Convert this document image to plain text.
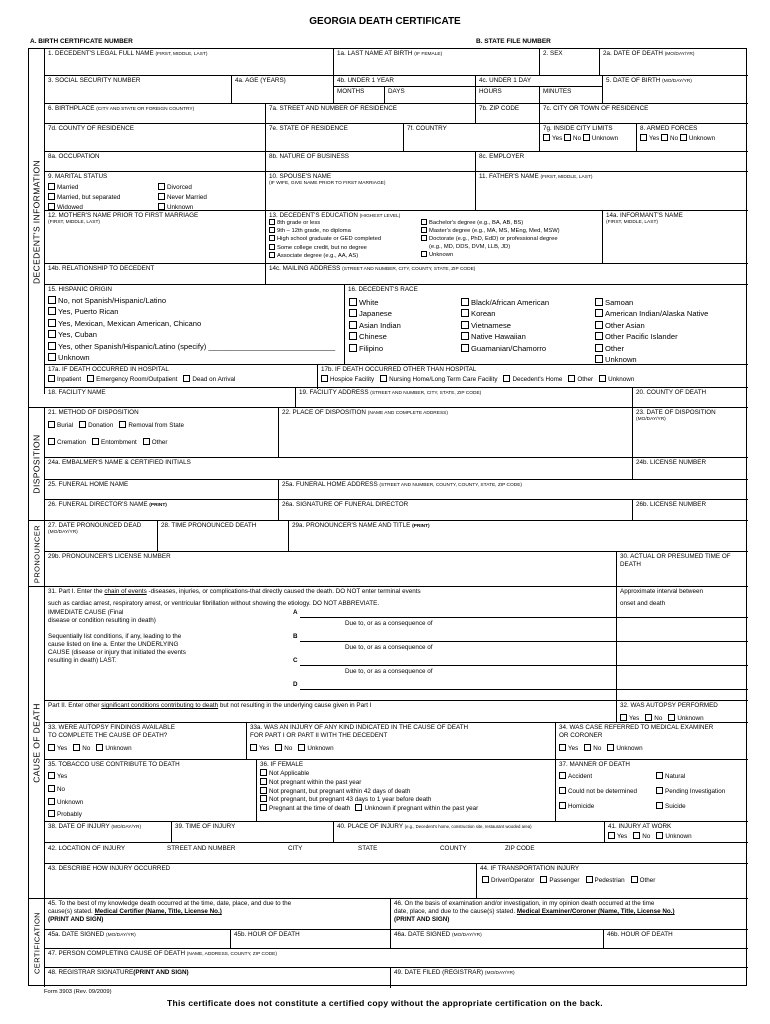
GEORGIA DEATH CERTIFICATE
A. BIRTH CERTIFICATE NUMBER	B. STATE FILE NUMBER
DECEDENT'S INFORMATION
1. DECEDENT'S LEGAL FULL NAME (FIRST, MIDDLE, LAST)	1a. LAST NAME AT BIRTH (IF FEMALE)	2. SEX	2a. DATE OF DEATH (MO/DAY/YR)
3. SOCIAL SECURITY NUMBER	4a. AGE (YEARS)	4b. UNDER 1 YEAR
MONTHS	DAYS
4c. UNDER 1 DAY
HOURS	MINUTES
5. DATE OF BIRTH (MO/DAY/YR)
6. BIRTHPLACE (CITY AND STATE OR FOREIGN COUNTRY)	7a. STREET AND NUMBER OF RESIDENCE	7b. ZIP CODE	7c. CITY OR TOWN OF RESIDENCE
7d. COUNTY OF RESIDENCE	7e. STATE OF RESIDENCE	7f. COUNTRY	7g. INSIDE CITY LIMITS
Yes No Unknown
8. ARMED FORCES
Yes No Unknown
8a. OCCUPATION	8b. NATURE OF BUSINESS	8c. EMPLOYER
9. MARITAL STATUS
Married
Married, but separated
Widowed
Divorced
Never Married
Unknown
10. SPOUSE'S NAME
(IF WIFE, GIVE NAME PRIOR TO FIRST MARRIAGE)
11. FATHER'S NAME (FIRST, MIDDLE, LAST)
12. MOTHER'S NAME PRIOR TO FIRST MARRIAGE
(FIRST, MIDDLE, LAST)
13. DECEDENT'S EDUCATION (HIGHEST LEVEL)
8th grade or less
9th – 12th grade, no diploma
High school graduate or GED completed
Some college credit, but no degree
Associate degree (e.g., AA, AS)
Bachelor's degree (e.g., BA, AB, BS)
Master's degree (e.g., MA, MS, MEng, Med, MSW)
Doctorate (e.g., PhD, EdD) or professional degree
(e.g., MD, DDS, DVM, LLB, JD)
Unknown
14a. INFORMANT'S NAME
(FIRST, MIDDLE, LAST)
14b. RELATIONSHIP TO DECEDENT	14c. MAILING ADDRESS (STREET AND NUMBER, CITY, COUNTY, STATE, ZIP CODE)
15. HISPANIC ORIGIN
No, not Spanish/Hispanic/Latino
Yes, Puerto Rican
Yes, Mexican, Mexican American, Chicano
Yes, Cuban
Yes, other Spanish/Hispanic/Latino (specify) ______________________________
Unknown
16. DECEDENT'S RACE
White
Japanese
Asian Indian
Chinese
Filipino
Black/African American
Korean
Vietnamese
Native Hawaiian
Guamanian/Chamorro
Samoan
American Indian/Alaska Native
Other Asian
Other Pacific Islander
Other
Unknown
17a. IF DEATH OCCURRED IN HOSPITAL
Inpatient Emergency Room/Outpatient Dead on Arrival
17b. IF DEATH OCCURRED OTHER THAN HOSPITAL
Hospice Facility Nursing Home/Long Term Care Facility Decedent's Home Other Unknown
18. FACILITY NAME	19. FACILITY ADDRESS (STREET AND NUMBER, CITY, STATE, ZIP CODE)	20. COUNTY OF DEATH
DISPOSITION
21. METHOD OF DISPOSITION
Burial Donation Removal from State
Cremation Entombment Other
22. PLACE OF DISPOSITION (NAME AND COMPLETE ADDRESS)	23. DATE OF DISPOSITION
(MO/DAY/YR)
24a. EMBALMER'S NAME & CERTIFIED INITIALS	24b. LICENSE NUMBER
25. FUNERAL HOME NAME	25a. FUNERAL HOME ADDRESS (STREET AND NUMBER, COUNTY, COUNTY, STATE, ZIP CODE)
26. FUNERAL DIRECTOR'S NAME (PRINT)	26a. SIGNATURE OF FUNERAL DIRECTOR	26b. LICENSE NUMBER
PRONOUNCER 27. DATE PRONOUNCED DEAD
(MO/DAY/YR)
28. TIME PRONOUNCED DEATH	29a. PRONOUNCER'S NAME AND TITLE (PRINT)
29b. PRONOUNCER'S LICENSE NUMBER	30. ACTUAL OR PRESUMED TIME OF DEATH
CAUSE OF DEATH
31. Part I. Enter the chain of events -diseases, injuries, or complications-that directly caused the death. DO NOT enter terminal events
such as cardiac arrest, respiratory arrest, or ventricular fibrillation without showing the etiology. DO NOT ABBREVIATE.
IMMEDIATE CAUSE (Final
disease or condition resulting in death)
Sequentially list conditions, if any, leading to the
cause listed on line a. Enter the UNDERLYING
CAUSE (disease or injury that initiated the events
resulting in death) LAST.
A
Due to, or as a consequence of
B
Due to, or as a consequence of
C
Due to, or as a consequence of
D
Approximate interval between
onset and death
Part II. Enter other significant conditions contributing to death but not resulting in the underlying cause given in Part I	32. WAS AUTOPSY PERFORMED
Yes No Unknown
33. WERE AUTOPSY FINDINGS AVAILABLE
TO COMPLETE THE CAUSE OF DEATH?
Yes No Unknown
33a. WAS AN INJURY OF ANY KIND INDICATED IN THE CAUSE OF DEATH
FOR PART I OR PART II WITH THE DECEDENT
Yes No Unknown
34. WAS CASE REFERRED TO MEDICAL EXAMINER
OR CORONER
Yes No Unknown
35. TOBACCO USE CONTRIBUTE TO DEATH
Yes
No
Unknown
Probably
36. IF FEMALE
Not Applicable
Not pregnant within the past year
Not pregnant, but pregnant within 42 days of death
Not pregnant, but pregnant 43 days to 1 year before death
Pregnant at the time of death Unknown if pregnant within the past year
37. MANNER OF DEATH
Accident	Natural
Could not be determined	Pending Investigation
Homicide	Suicide
38. DATE OF INJURY (MO/DAY/YR)	39. TIME OF INJURY	40. PLACE OF INJURY (e.g., Decedent's home, construction site, restaurant wooded area)	41. INJURY AT WORK
Yes No Unknown
42. LOCATION OF INJURY	STREET AND NUMBER	CITY	STATE	COUNTY	ZIP CODE
43. DESCRIBE HOW INJURY OCCURRED	44. IF TRANSPORTATION INJURY
Driver/Operator Passenger Pedestrian Other
CERTIFICATION
45. To the best of my knowledge death occurred at the time, date, place, and due to the
cause(s) stated. Medical Certifier (Name, Title, License No.)
(PRINT AND SIGN)
46. On the basis of examination and/or investigation, in my opinion death occurred at the time
date, place, and due to the cause(s) stated. Medical Examiner/Coroner (Name, Title, License No.)
(PRINT AND SIGN)
45a. DATE SIGNED (MO/DAY/YR)	45b. HOUR OF DEATH	46a. DATE SIGNED (MO/DAY/YR)	46b. HOUR OF DEATH
47. PERSON COMPLETING CAUSE OF DEATH (NAME, ADDRESS, COUNTY, ZIP CODE)
48. REGISTRAR SIGNATURE(PRINT AND SIGN)	49. DATE FILED (REGISTRAR) (MO/DAY/YR)
Form 3903 (Rev. 09/2009)
This certificate does not constitute a certified copy without the appropriate certification on the back.
